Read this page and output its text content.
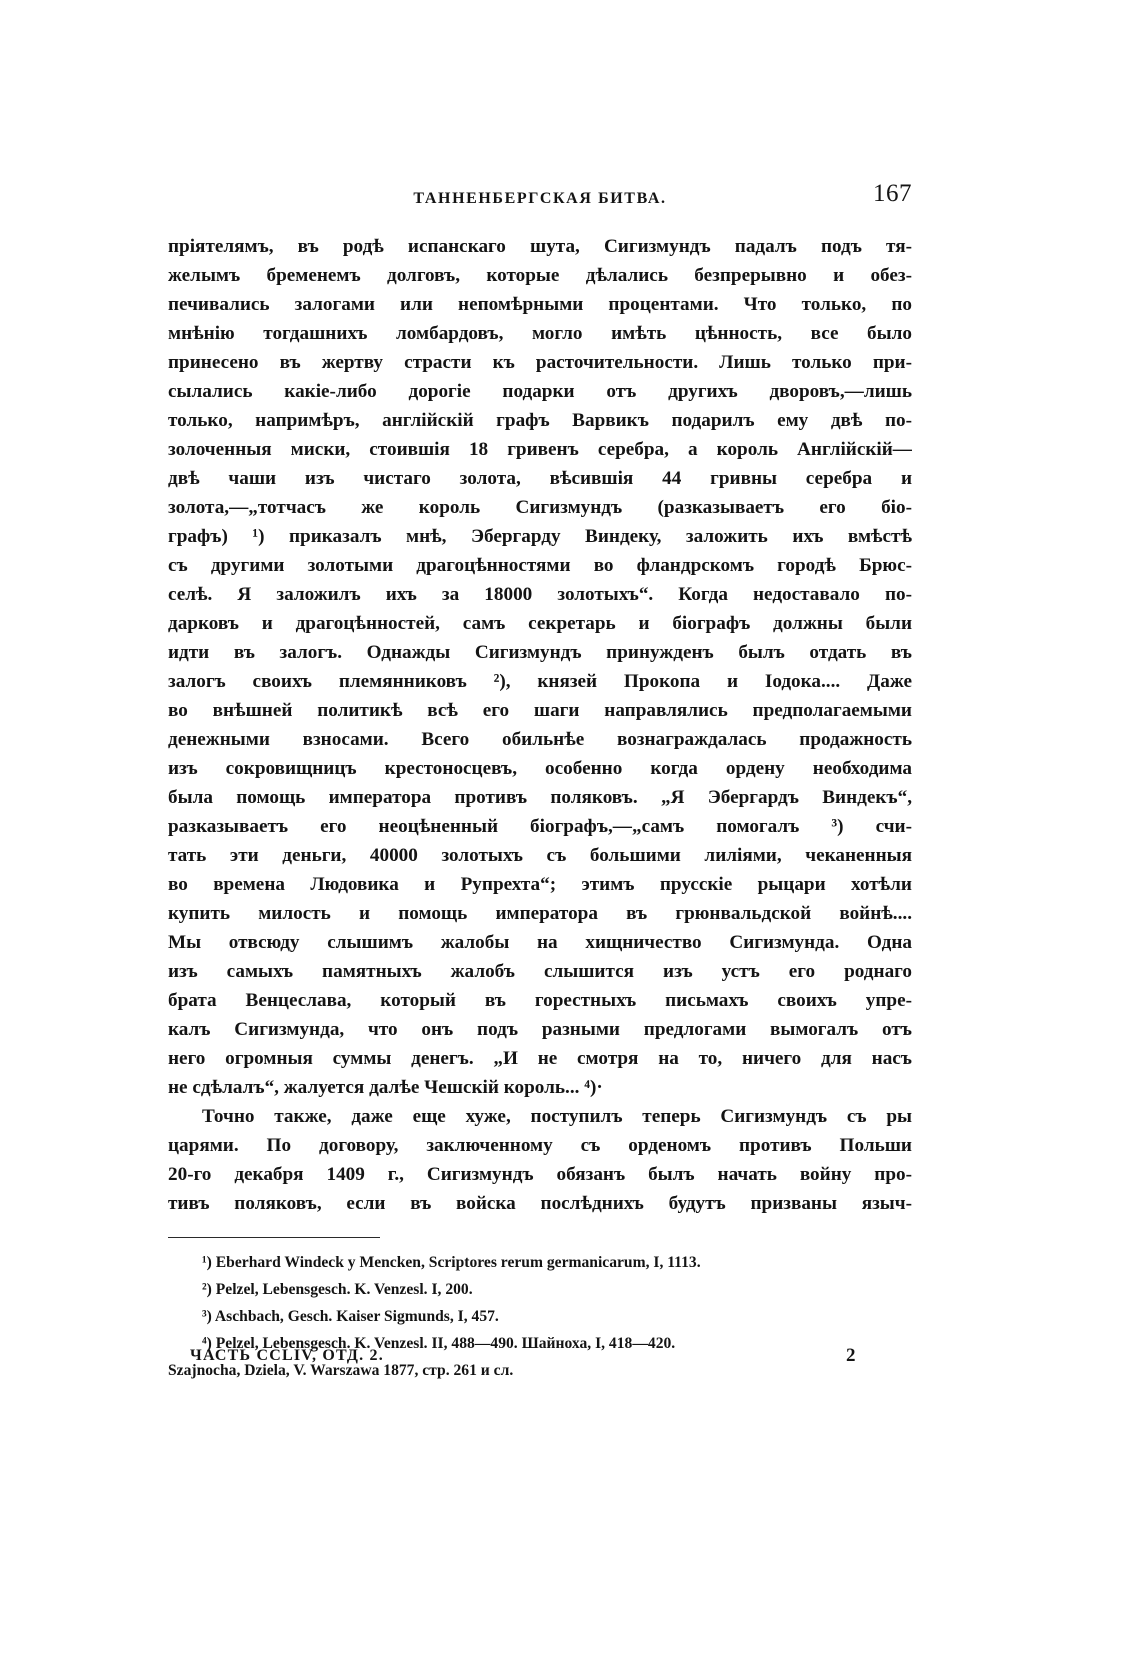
ТАННЕНБЕРГСКАЯ БИТВА.	167
пріятелямъ, въ родѣ испанскаго шута, Сигизмундъ падалъ подъ тя-
желымъ бременемъ долговъ, которые дѣлались безпрерывно и обез-
печивались залогами или непомѣрными процентами. Что только, по
мнѣнію тогдашнихъ ломбардовъ, могло имѣть цѣнность, все было
принесено въ жертву страсти къ расточительности. Лишь только при-
сылались какіе-либо дорогіе подарки отъ другихъ дворовъ,—лишь
только, напримѣръ, англійскій графъ Варвикъ подарилъ ему двѣ по-
золоченныя миски, стоившія 18 гривенъ серебра, а король Англійскій—
двѣ чаши изъ чистаго золота, вѣсившія 44 гривны серебра и
золота,—„тотчасъ же король Сигизмундъ (разказываетъ его біо-
графъ) ¹) приказалъ мнѣ, Эбергарду Виндеку, заложить ихъ вмѣстѣ
съ другими золотыми драгоцѣнностями во фландрскомъ городѣ Брюс-
селѣ. Я заложилъ ихъ за 18000 золотыхъ“. Когда недоставало по-
дарковъ и драгоцѣнностей, самъ секретарь и біографъ должны были
идти въ залогъ. Однажды Сигизмундъ принужденъ былъ отдать въ
залогъ своихъ племянниковъ ²), князей Прокопа и Іодока.... Даже
во внѣшней политикѣ всѣ его шаги направлялись предполагаемыми
денежными взносами. Всего обильнѣе вознаграждалась продажность
изъ сокровищницъ крестоносцевъ, особенно когда ордену необходима
была помощь императора противъ поляковъ. „Я Эбергардъ Виндекъ“,
разказываетъ его неоцѣненный біографъ,—„самъ помогалъ ³) счи-
тать эти деньги, 40000 золотыхъ съ большими лиліями, чеканенныя
во времена Людовика и Рупрехта“; этимъ прусскіе рыцари хотѣли
купить милость и помощь императора въ грюнвальдской войнѣ....
Мы отвсюду слышимъ жалобы на хищничество Сигизмунда. Одна
изъ самыхъ памятныхъ жалобъ слышится изъ устъ его роднаго
брата Венцеслава, который въ горестныхъ письмахъ своихъ упре-
калъ Сигизмунда, что онъ подъ разными предлогами вымогалъ отъ
него огромныя суммы денегъ. „И не смотря на то, ничего для насъ
не сдѣлалъ“, жалуется далѣе Чешскій король... ⁴)·
Точно также, даже еще хуже, поступилъ теперь Сигизмундъ съ ры
царями. По договору, заключенному съ орденомъ противъ Польши
20-го декабря 1409 г., Сигизмундъ обязанъ былъ начать войну про-
тивъ поляковъ, если въ войска послѣднихъ будутъ призваны языч-
¹) Eberhard Windeck y Mencken, Scriptores rerum germanicarum, I, 1113.
²) Pelzel, Lebensgesch. K. Venzesl. I, 200.
³) Aschbach, Gesch. Kaiser Sigmunds, I, 457.
⁴) Pelzel, Lebensgesch. K. Venzesl. II, 488—490. Шайноха, I, 418—420.
Szajnocha, Dziela, V. Warszawa 1877, стр. 261 и сл.
ЧАСТЬ CCLIV, ОТД. 2.	2
